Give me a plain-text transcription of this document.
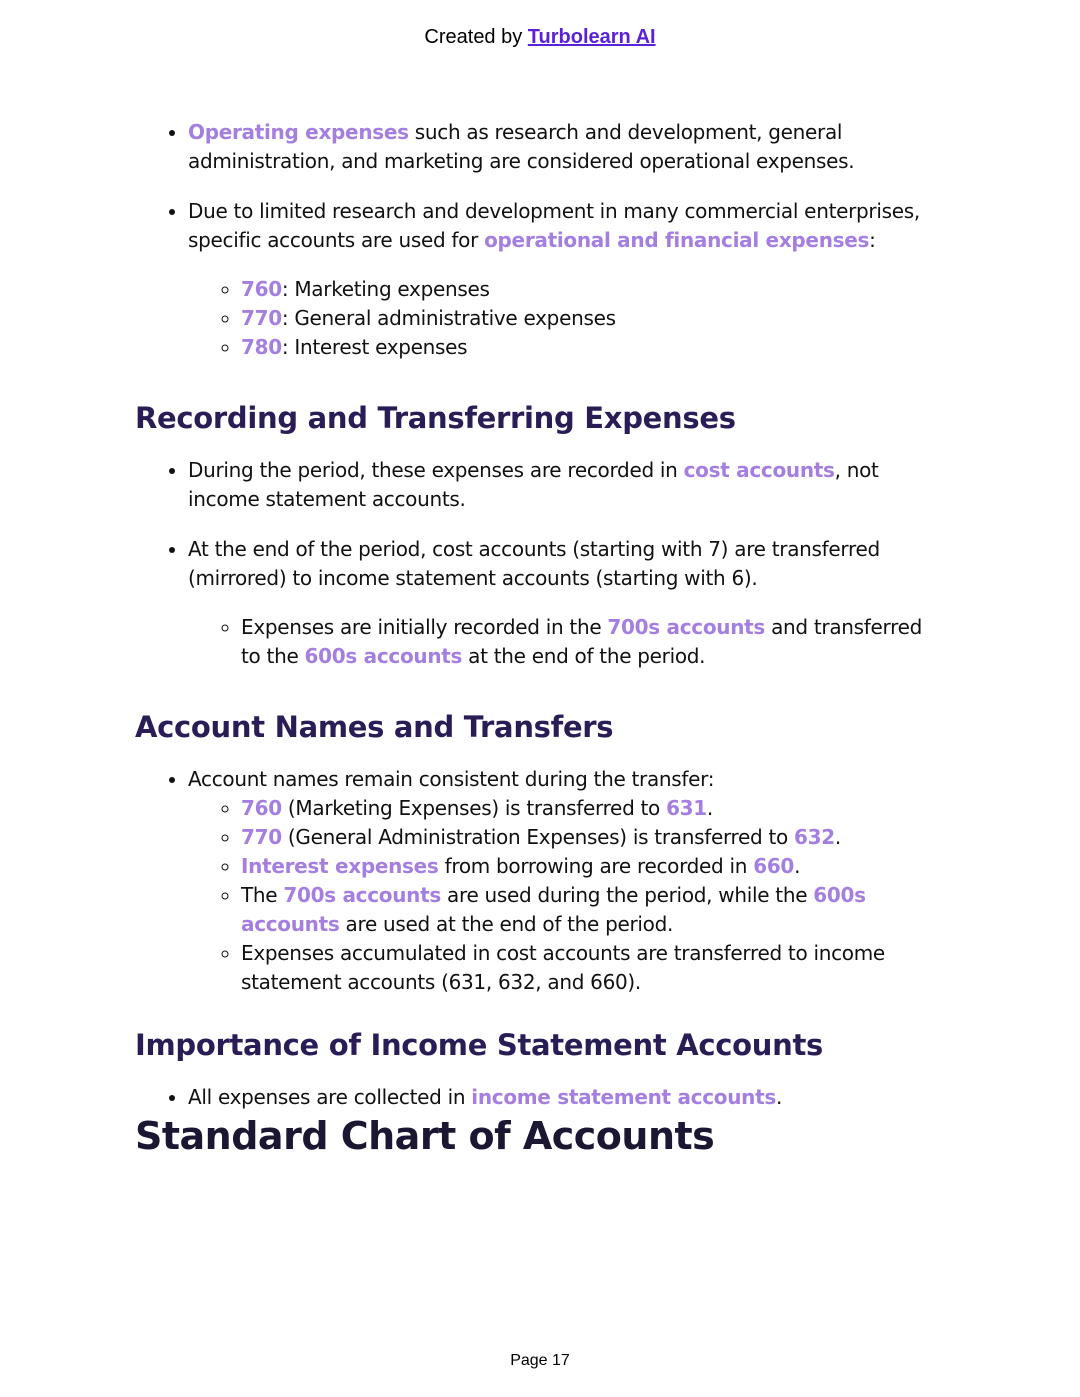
Created by Turbolearn AI
• Operating expenses such as research and development, general administration, and marketing are considered operational expenses.
• Due to limited research and development in many commercial enterprises, specific accounts are used for operational and financial expenses:
◦ 760: Marketing expenses
◦ 770: General administrative expenses
◦ 780: Interest expenses
Recording and Transferring Expenses
• During the period, these expenses are recorded in cost accounts, not income statement accounts.
• At the end of the period, cost accounts (starting with 7) are transferred (mirrored) to income statement accounts (starting with 6).
◦ Expenses are initially recorded in the 700s accounts and transferred to the 600s accounts at the end of the period.
Account Names and Transfers
• Account names remain consistent during the transfer:
◦ 760 (Marketing Expenses) is transferred to 631.
◦ 770 (General Administration Expenses) is transferred to 632.
◦ Interest expenses from borrowing are recorded in 660.
◦ The 700s accounts are used during the period, while the 600s accounts are used at the end of the period.
◦ Expenses accumulated in cost accounts are transferred to income statement accounts (631, 632, and 660).
Importance of Income Statement Accounts
• All expenses are collected in income statement accounts.
Standard Chart of Accounts
Page 17
